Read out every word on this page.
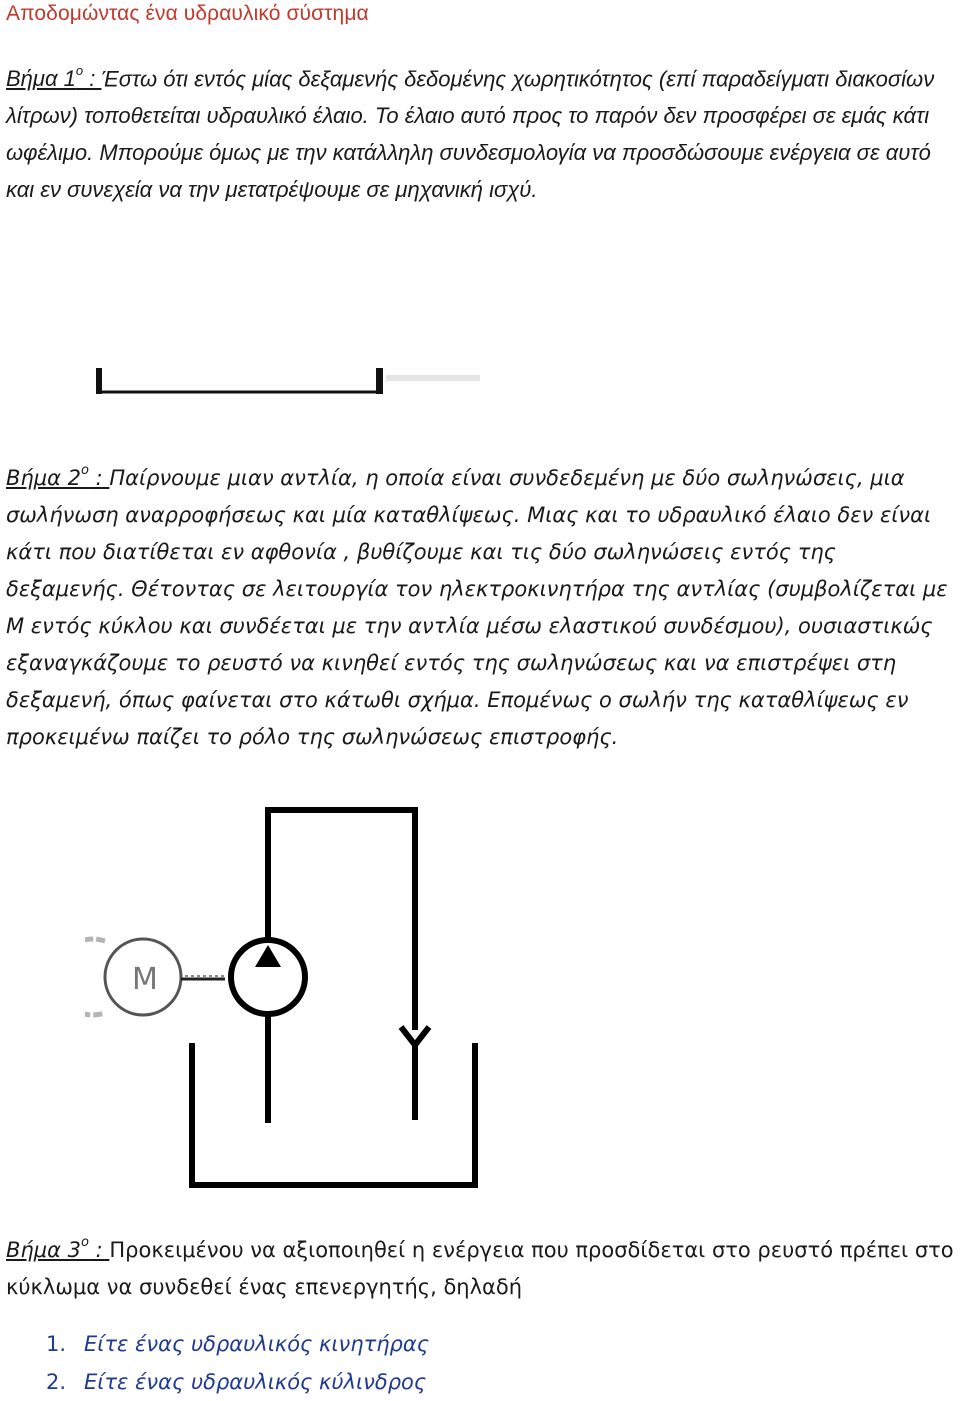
Αποδομώντας ένα υδραυλικό σύστημα

Βήμα $1^o$ : Έστω ότι εντός μίας δεξαμενής δεδομένης χωρητικότητος (επί παραδείγματι διακοσίων λίτρων) τοποθετείται υδραυλικό έλαιο. Το έλαιο αυτό προς το παρόν δεν προσφέρει σε εμάς κάτι ωφέλιμο. Μπορούμε όμως με την κατάλληλη συνδεσμολογία να προσδώσουμε ενέργεια σε αυτό και εν συνεχεία να την μετατρέψουμε σε μηχανική ισχύ.

Βήμα $2^o$ : Παίρνουμε μιαν αντλία, η οποία είναι συνδεδεμένη με δύο σωληνώσεις, μια σωλήνωση αναρροφήσεως και μία καταθλίψεως. Μιας και το υδραυλικό έλαιο δεν είναι κάτι που διατίθεται εν αφθονία , βυθίζουμε και τις δύο σωληνώσεις εντός της δεξαμενής. Θέτοντας σε λειτουργία τον ηλεκτροκινητήρα της αντλίας (συμβολίζεται με Μ εντός κύκλου και συνδέεται με την αντλία μέσω ελαστικού συνδέσμου), ουσιαστικώς εξαναγκάζουμε το ρευστό να κινηθεί εντός της σωληνώσεως και να επιστρέψει στη δεξαμενή, όπως φαίνεται στο κάτωθι σχήμα. Επομένως ο σωλήν της καταθλίψεως εν προκειμένω παίζει το ρόλο της σωληνώσεως επιστροφής.

M

Βήμα $3^o$ : Προκειμένου να αξιοποιηθεί η ενέργεια που προσδίδεται στο ρευστό πρέπει στο κύκλωμα να συνδεθεί ένας επενεργητής, δηλαδή

1. Είτε ένας υδραυλικός κινητήρας
2. Είτε ένας υδραυλικός κύλινδρος
